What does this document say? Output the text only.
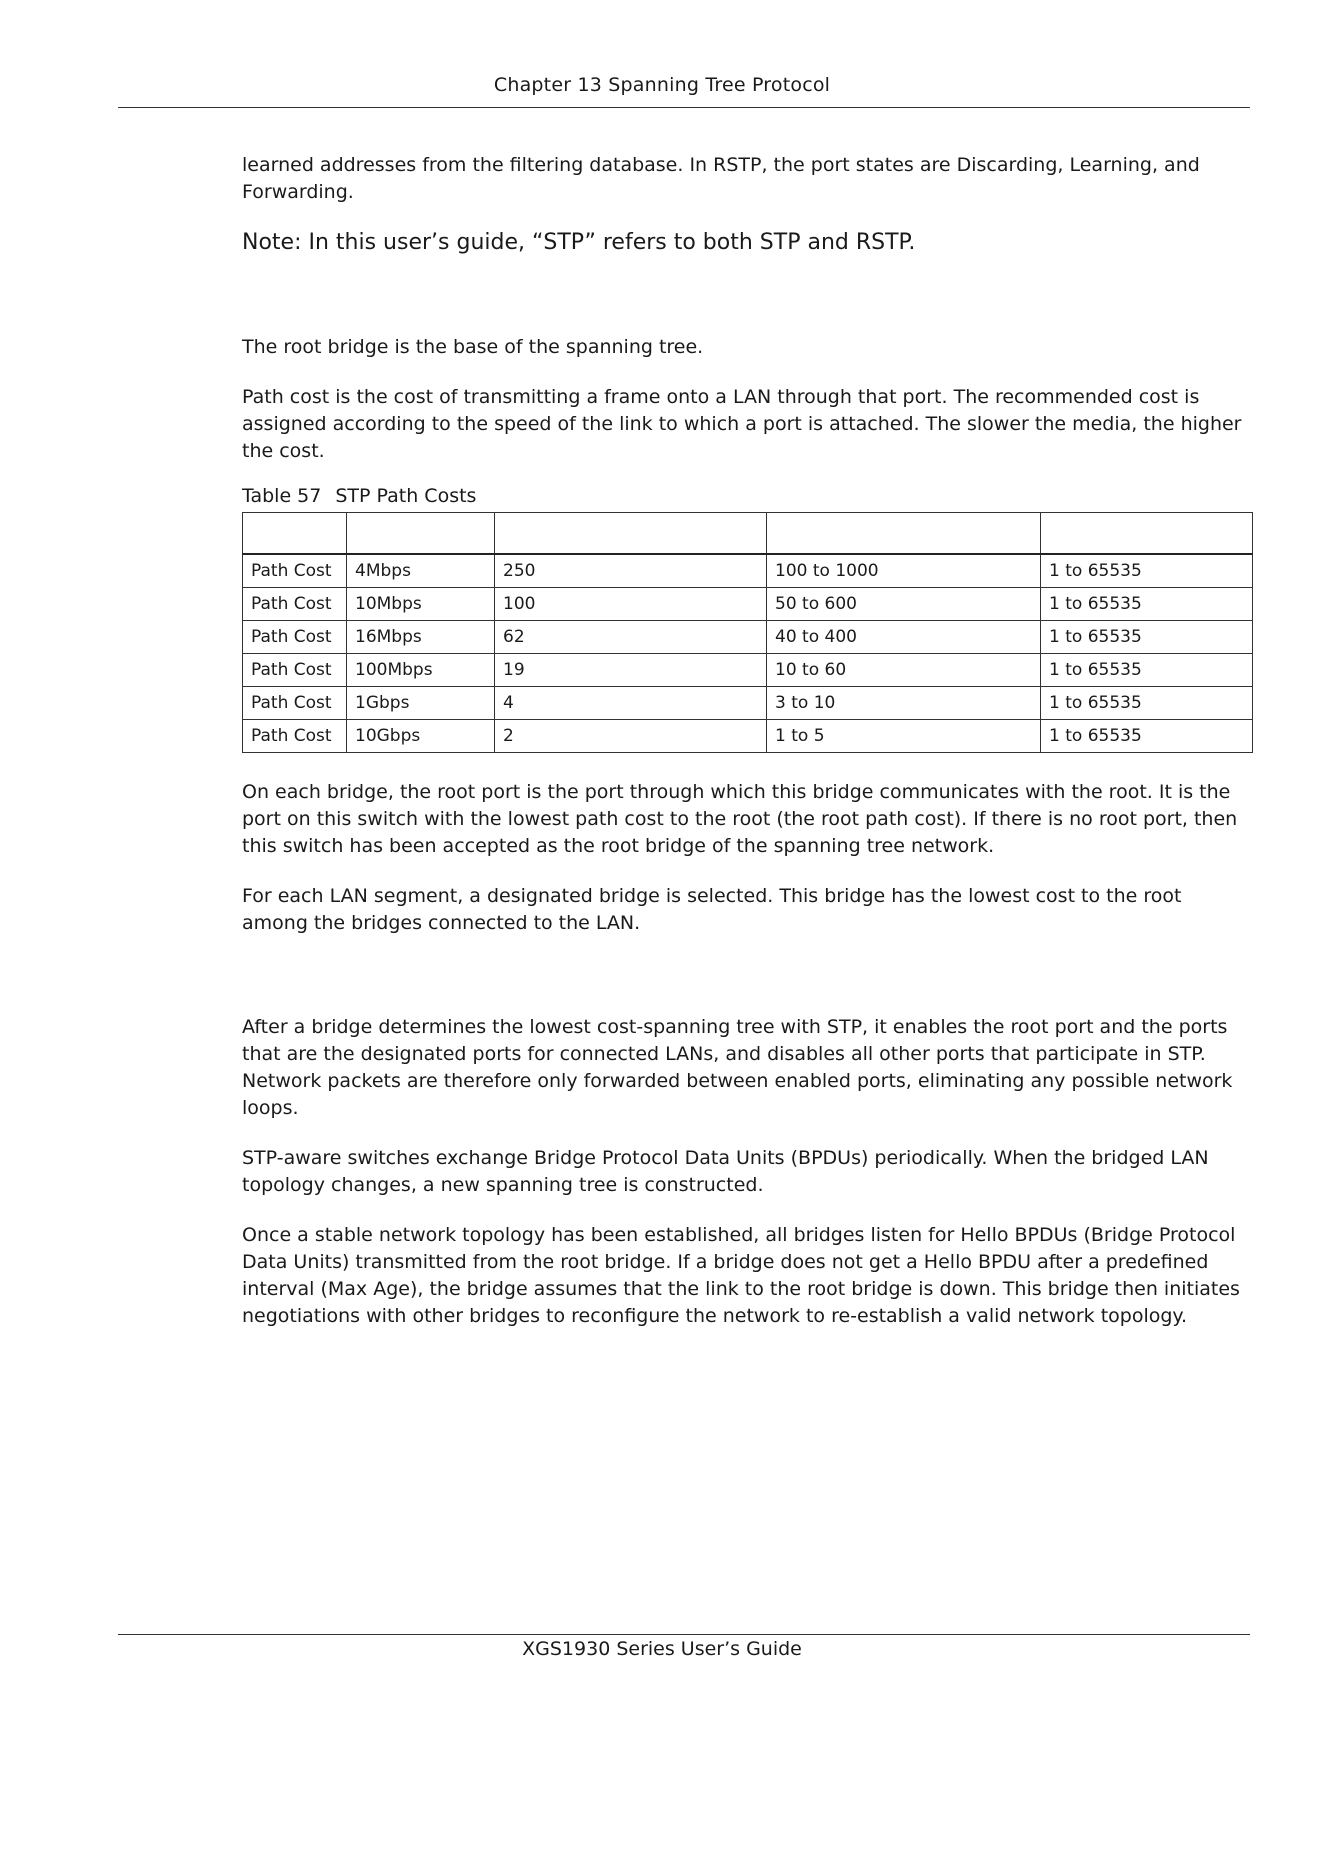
Chapter 13 Spanning Tree Protocol

learned addresses from the filtering database. In RSTP, the port states are Discarding, Learning, and Forwarding.

Note: In this user’s guide, “STP” refers to both STP and RSTP.

The root bridge is the base of the spanning tree.

Path cost is the cost of transmitting a frame onto a LAN through that port. The recommended cost is assigned according to the speed of the link to which a port is attached. The slower the media, the higher the cost.

Table 57 STP Path Costs

Path Cost	4Mbps	250	100 to 1000	1 to 65535
Path Cost	10Mbps	100	50 to 600	1 to 65535
Path Cost	16Mbps	62	40 to 400	1 to 65535
Path Cost	100Mbps	19	10 to 60	1 to 65535
Path Cost	1Gbps	4	3 to 10	1 to 65535
Path Cost	10Gbps	2	1 to 5	1 to 65535

On each bridge, the root port is the port through which this bridge communicates with the root. It is the port on this switch with the lowest path cost to the root (the root path cost). If there is no root port, then this switch has been accepted as the root bridge of the spanning tree network.

For each LAN segment, a designated bridge is selected. This bridge has the lowest cost to the root among the bridges connected to the LAN.

After a bridge determines the lowest cost-spanning tree with STP, it enables the root port and the ports that are the designated ports for connected LANs, and disables all other ports that participate in STP. Network packets are therefore only forwarded between enabled ports, eliminating any possible network loops.

STP-aware switches exchange Bridge Protocol Data Units (BPDUs) periodically. When the bridged LAN topology changes, a new spanning tree is constructed.

Once a stable network topology has been established, all bridges listen for Hello BPDUs (Bridge Protocol Data Units) transmitted from the root bridge. If a bridge does not get a Hello BPDU after a predefined interval (Max Age), the bridge assumes that the link to the root bridge is down. This bridge then initiates negotiations with other bridges to reconfigure the network to re-establish a valid network topology.

XGS1930 Series User’s Guide
